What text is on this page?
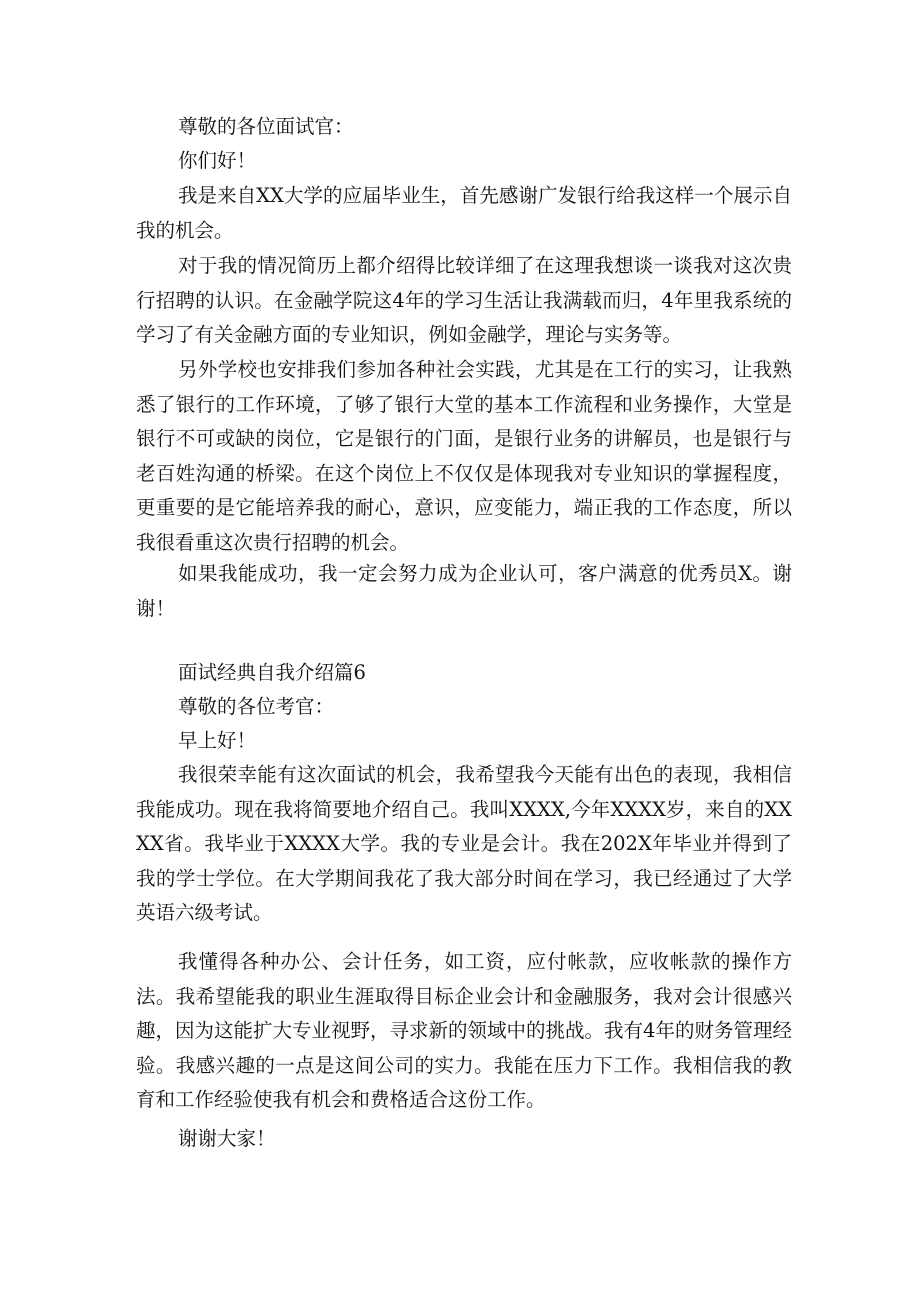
尊敬的各位面试官：

你们好！

我是来自XX大学的应届毕业生，首先感谢广发银行给我这样一个展示自我的机会。

对于我的情况简历上都介绍得比较详细了在这理我想谈一谈我对这次贵行招聘的认识。在金融学院这4年的学习生活让我满载而归，4年里我系统的学习了有关金融方面的专业知识，例如金融学，理论与实务等。

另外学校也安排我们参加各种社会实践，尤其是在工行的实习，让我熟悉了银行的工作环境，了够了银行大堂的基本工作流程和业务操作，大堂是银行不可或缺的岗位，它是银行的门面，是银行业务的讲解员，也是银行与老百姓沟通的桥梁。在这个岗位上不仅仅是体现我对专业知识的掌握程度，更重要的是它能培养我的耐心，意识，应变能力，端正我的工作态度，所以我很看重这次贵行招聘的机会。

如果我能成功，我一定会努力成为企业认可，客户满意的优秀员X。谢谢！

面试经典自我介绍篇6

尊敬的各位考官：

早上好！

我很荣幸能有这次面试的机会，我希望我今天能有出色的表现，我相信我能成功。现在我将简要地介绍自己。我叫XXXX,今年XXXX岁，来自的XXXX省。我毕业于XXXX大学。我的专业是会计。我在202X年毕业并得到了我的学士学位。在大学期间我花了我大部分时间在学习，我已经通过了大学英语六级考试。

我懂得各种办公、会计任务，如工资，应付帐款，应收帐款的操作方法。我希望能我的职业生涯取得目标企业会计和金融服务，我对会计很感兴趣，因为这能扩大专业视野，寻求新的领域中的挑战。我有4年的财务管理经验。我感兴趣的一点是这间公司的实力。我能在压力下工作。我相信我的教育和工作经验使我有机会和费格适合这份工作。

谢谢大家！
